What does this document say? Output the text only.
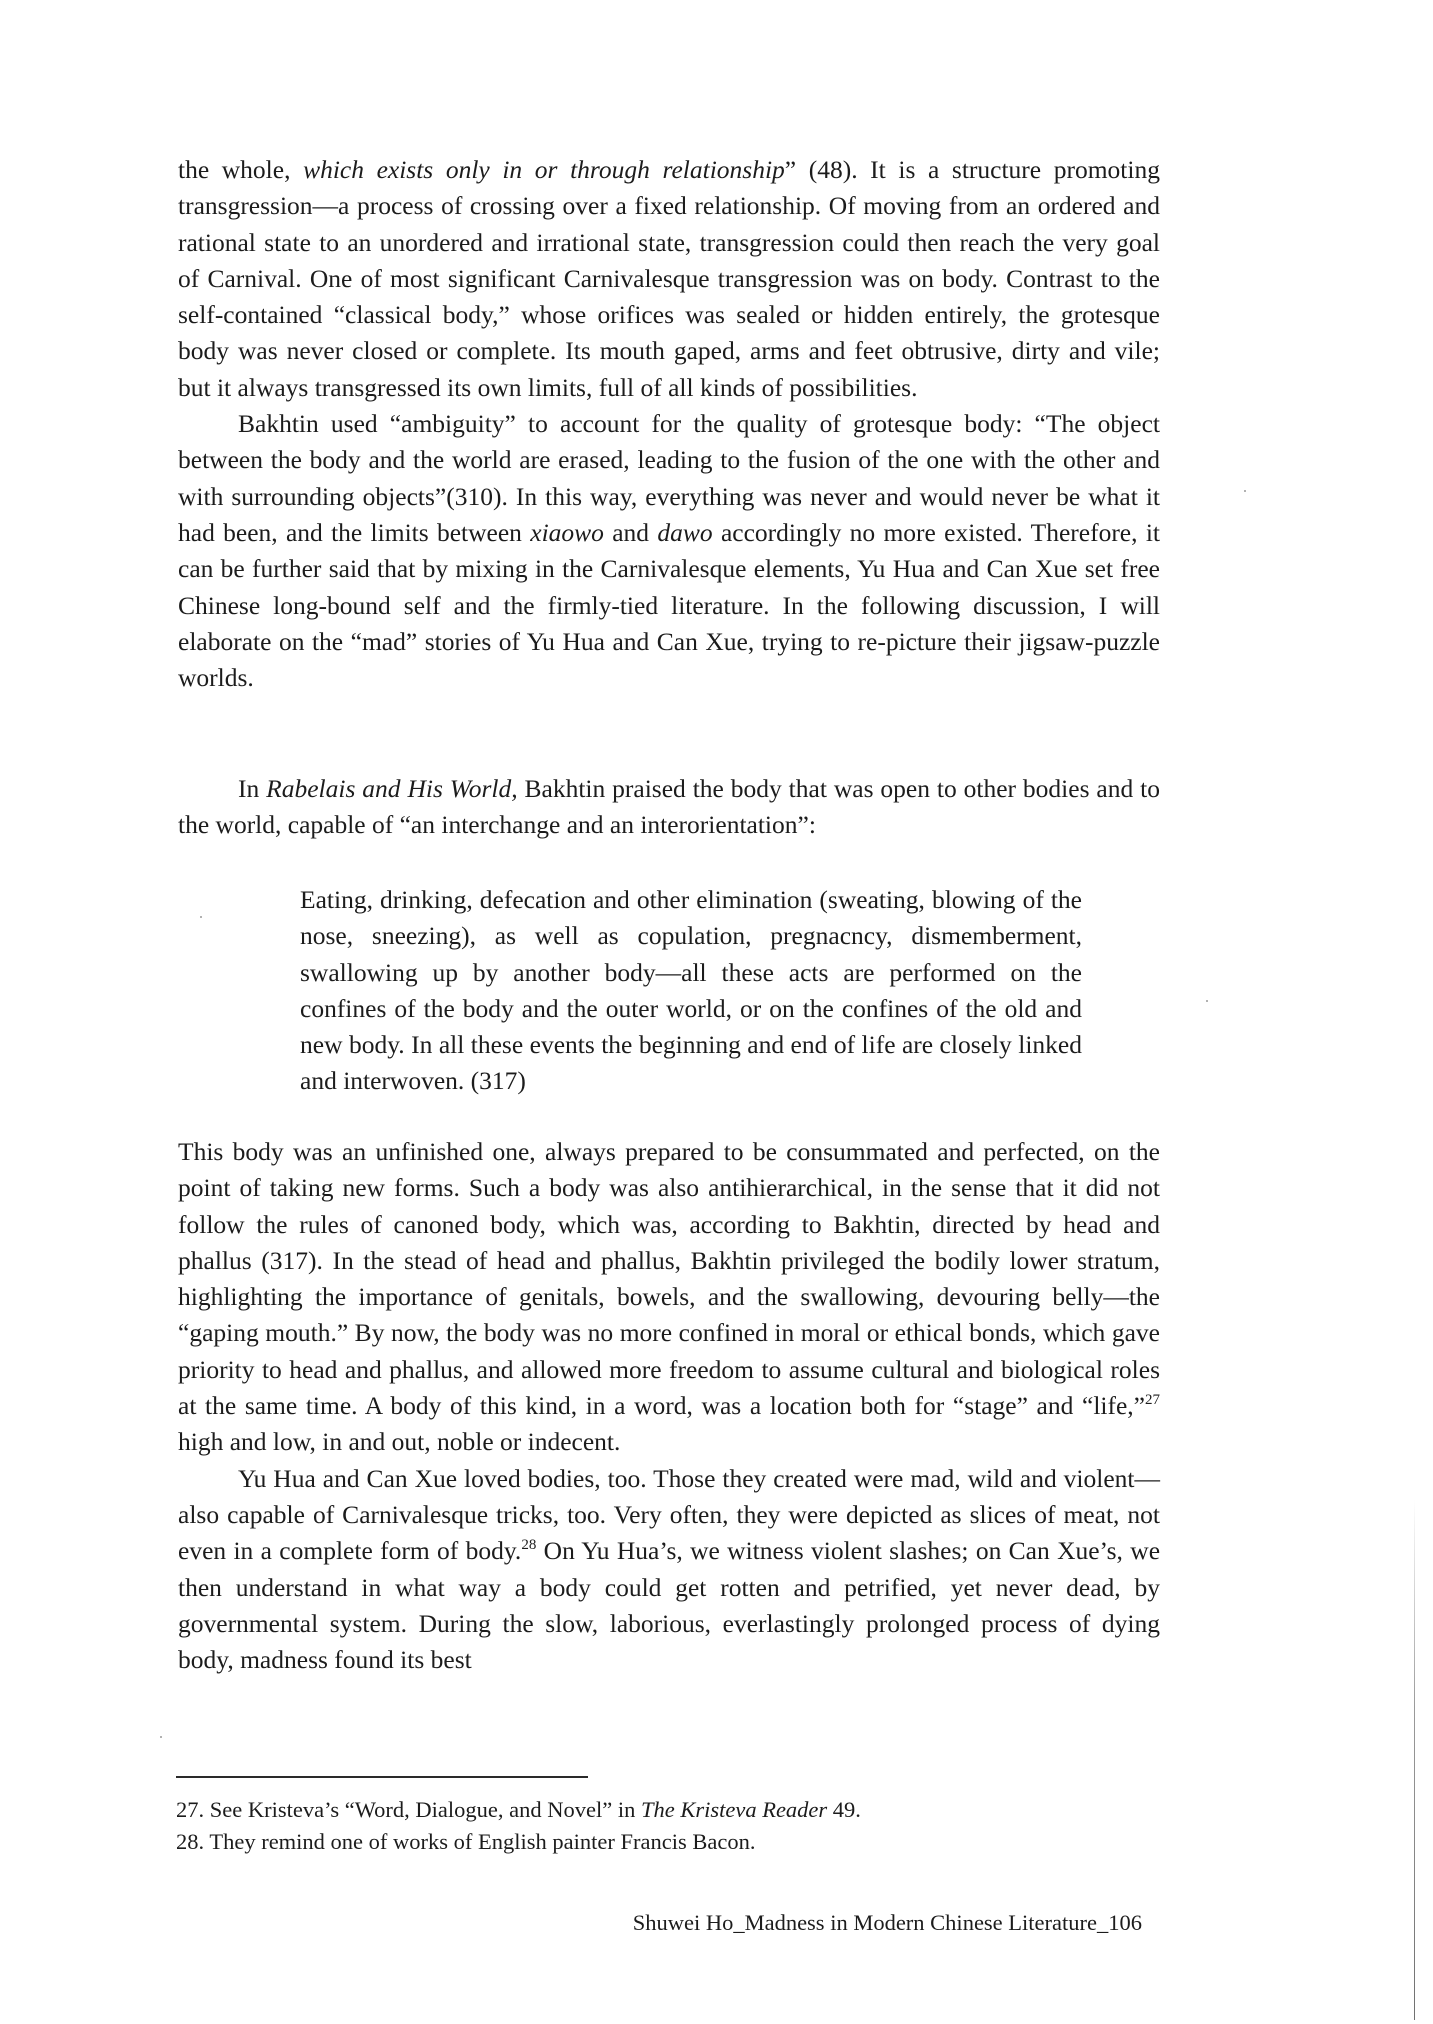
the whole, which exists only in or through relationship” (48). It is a structure promoting transgression—a process of crossing over a fixed relationship. Of moving from an ordered and rational state to an unordered and irrational state, transgression could then reach the very goal of Carnival. One of most significant Carnivalesque transgression was on body. Contrast to the self-contained “classical body,” whose orifices was sealed or hidden entirely, the grotesque body was never closed or complete. Its mouth gaped, arms and feet obtrusive, dirty and vile; but it always transgressed its own limits, full of all kinds of possibilities.

Bakhtin used “ambiguity” to account for the quality of grotesque body: “The object between the body and the world are erased, leading to the fusion of the one with the other and with surrounding objects”(310). In this way, everything was never and would never be what it had been, and the limits between xiaowo and dawo accordingly no more existed. Therefore, it can be further said that by mixing in the Carnivalesque elements, Yu Hua and Can Xue set free Chinese long-bound self and the firmly-tied literature. In the following discussion, I will elaborate on the “mad” stories of Yu Hua and Can Xue, trying to re-picture their jigsaw-puzzle worlds.

In Rabelais and His World, Bakhtin praised the body that was open to other bodies and to the world, capable of “an interchange and an interorientation”:

Eating, drinking, defecation and other elimination (sweating, blowing of the nose, sneezing), as well as copulation, pregnacncy, dismemberment, swallowing up by another body—all these acts are performed on the confines of the body and the outer world, or on the confines of the old and new body. In all these events the beginning and end of life are closely linked and interwoven. (317)

This body was an unfinished one, always prepared to be consummated and perfected, on the point of taking new forms. Such a body was also antihierarchical, in the sense that it did not follow the rules of canoned body, which was, according to Bakhtin, directed by head and phallus (317). In the stead of head and phallus, Bakhtin privileged the bodily lower stratum, highlighting the importance of genitals, bowels, and the swallowing, devouring belly—the “gaping mouth.” By now, the body was no more confined in moral or ethical bonds, which gave priority to head and phallus, and allowed more freedom to assume cultural and biological roles at the same time. A body of this kind, in a word, was a location both for “stage” and “life,”$^{27}$ high and low, in and out, noble or indecent.

Yu Hua and Can Xue loved bodies, too. Those they created were mad, wild and violent—also capable of Carnivalesque tricks, too. Very often, they were depicted as slices of meat, not even in a complete form of body.$^{28}$ On Yu Hua’s, we witness violent slashes; on Can Xue’s, we then understand in what way a body could get rotten and petrified, yet never dead, by governmental system. During the slow, laborious, everlastingly prolonged process of dying body, madness found its best

27. See Kristeva’s “Word, Dialogue, and Novel” in The Kristeva Reader 49.

28. They remind one of works of English painter Francis Bacon.

Shuwei Ho_Madness in Modern Chinese Literature_106
